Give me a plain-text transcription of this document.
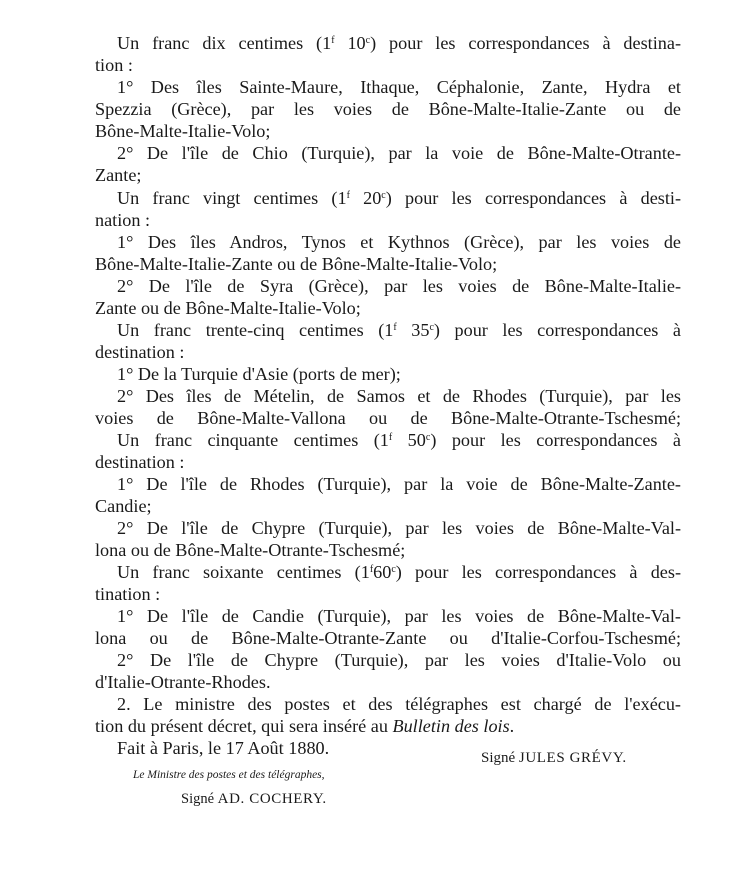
Un franc dix centimes (1$^f$ 10$^c$) pour les correspondances à destina-
tion :
1° Des îles Sainte-Maure, Ithaque, Céphalonie, Zante, Hydra et
Spezzia (Grèce), par les voies de Bône-Malte-Italie-Zante ou de
Bône-Malte-Italie-Volo;
2° De l'île de Chio (Turquie), par la voie de Bône-Malte-Otrante-
Zante;
Un franc vingt centimes (1$^f$ 20$^c$) pour les correspondances à desti-
nation :
1° Des îles Andros, Tynos et Kythnos (Grèce), par les voies de
Bône-Malte-Italie-Zante ou de Bône-Malte-Italie-Volo;
2° De l'île de Syra (Grèce), par les voies de Bône-Malte-Italie-
Zante ou de Bône-Malte-Italie-Volo;
Un franc trente-cinq centimes (1$^f$ 35$^c$) pour les correspondances à
destination :
1° De la Turquie d'Asie (ports de mer);
2° Des îles de Mételin, de Samos et de Rhodes (Turquie), par les
voies de Bône-Malte-Vallona ou de Bône-Malte-Otrante-Tschesmé;
Un franc cinquante centimes (1$^f$ 50$^c$) pour les correspondances à
destination :
1° De l'île de Rhodes (Turquie), par la voie de Bône-Malte-Zante-
Candie;
2° De l'île de Chypre (Turquie), par les voies de Bône-Malte-Val-
lona ou de Bône-Malte-Otrante-Tschesmé;
Un franc soixante centimes (1$^f$60$^c$) pour les correspondances à des-
tination :
1° De l'île de Candie (Turquie), par les voies de Bône-Malte-Val-
lona ou de Bône-Malte-Otrante-Zante ou d'Italie-Corfou-Tschesmé;
2° De l'île de Chypre (Turquie), par les voies d'Italie-Volo ou
d'Italie-Otrante-Rhodes.
2. Le ministre des postes et des télégraphes est chargé de l'exécu-
tion du présent décret, qui sera inséré au Bulletin des lois.
Fait à Paris, le 17 Août 1880.	Signé JULES GRÉVY.
Le Ministre des postes et des télégraphes,
Signé AD. COCHERY.
